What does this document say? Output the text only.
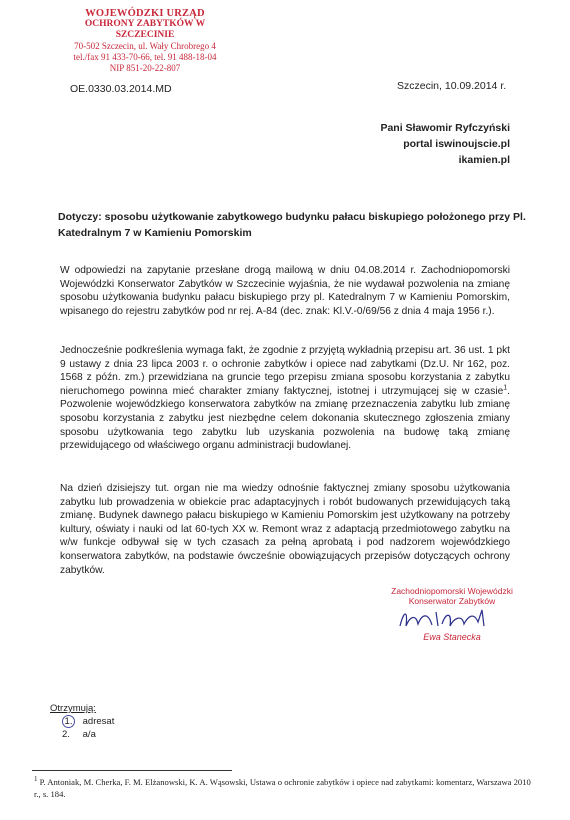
WOJEWÓDZKI URZĄD
OCHRONY ZABYTKÓW W SZCZECINIE
70-502 Szczecin, ul. Wały Chrobrego 4
tel./fax 91 433-70-66, tel. 91 488-18-04
NIP 851-20-22-807
OE.0330.03.2014.MD	Szczecin, 10.09.2014 r.
Pani Sławomir Ryfczyński
portal iswinoujscie.pl
ikamien.pl
Dotyczy: sposobu użytkowanie zabytkowego budynku pałacu biskupiego położonego przy Pl. Katedralnym 7 w Kamieniu Pomorskim
W odpowiedzi na zapytanie przesłane drogą mailową w dniu 04.08.2014 r. Zachodniopomorski Wojewódzki Konserwator Zabytków w Szczecinie wyjaśnia, że nie wydawał pozwolenia na zmianę sposobu użytkowania budynku pałacu biskupiego przy pl. Katedralnym 7 w Kamieniu Pomorskim, wpisanego do rejestru zabytków pod nr rej. A-84 (dec. znak: Kl.V.-0/69/56 z dnia 4 maja 1956 r.).
Jednocześnie podkreślenia wymaga fakt, że zgodnie z przyjętą wykładnią przepisu art. 36 ust. 1 pkt 9 ustawy z dnia 23 lipca 2003 r. o ochronie zabytków i opiece nad zabytkami (Dz.U. Nr 162, poz. 1568 z późn. zm.) przewidziana na gruncie tego przepisu zmiana sposobu korzystania z zabytku nieruchomego powinna mieć charakter zmiany faktycznej, istotnej i utrzymującej się w czasie$^1$. Pozwolenie wojewódzkiego konserwatora zabytków na zmianę przeznaczenia zabytku lub zmianę sposobu korzystania z zabytku jest niezbędne celem dokonania skutecznego zgłoszenia zmiany sposobu użytkowania tego zabytku lub uzyskania pozwolenia na budowę taką zmianę przewidującego od właściwego organu administracji budowlanej.
Na dzień dzisiejszy tut. organ nie ma wiedzy odnośnie faktycznej zmiany sposobu użytkowania zabytku lub prowadzenia w obiekcie prac adaptacyjnych i robót budowanych przewidujących taką zmianę. Budynek dawnego pałacu biskupiego w Kamieniu Pomorskim jest użytkowany na potrzeby kultury, oświaty i nauki od lat 60-tych XX w. Remont wraz z adaptacją przedmiotowego zabytku na w/w funkcje odbywał się w tych czasach za pełną aprobatą i pod nadzorem wojewódzkiego konserwatora zabytków, na podstawie ówcześnie obowiązujących przepisów dotyczących ochrony zabytków.
Zachodniopomorski Wojewódzki
Konserwator Zabytków
Ewa Stanecka
Otrzymują:
1. adresat
2. a/a
$^1$ P. Antoniak, M. Cherka, F. M. Elżanowski, K. A. Wąsowski, Ustawa o ochronie zabytków i opiece nad zabytkami: komentarz, Warszawa 2010 r., s. 184.
